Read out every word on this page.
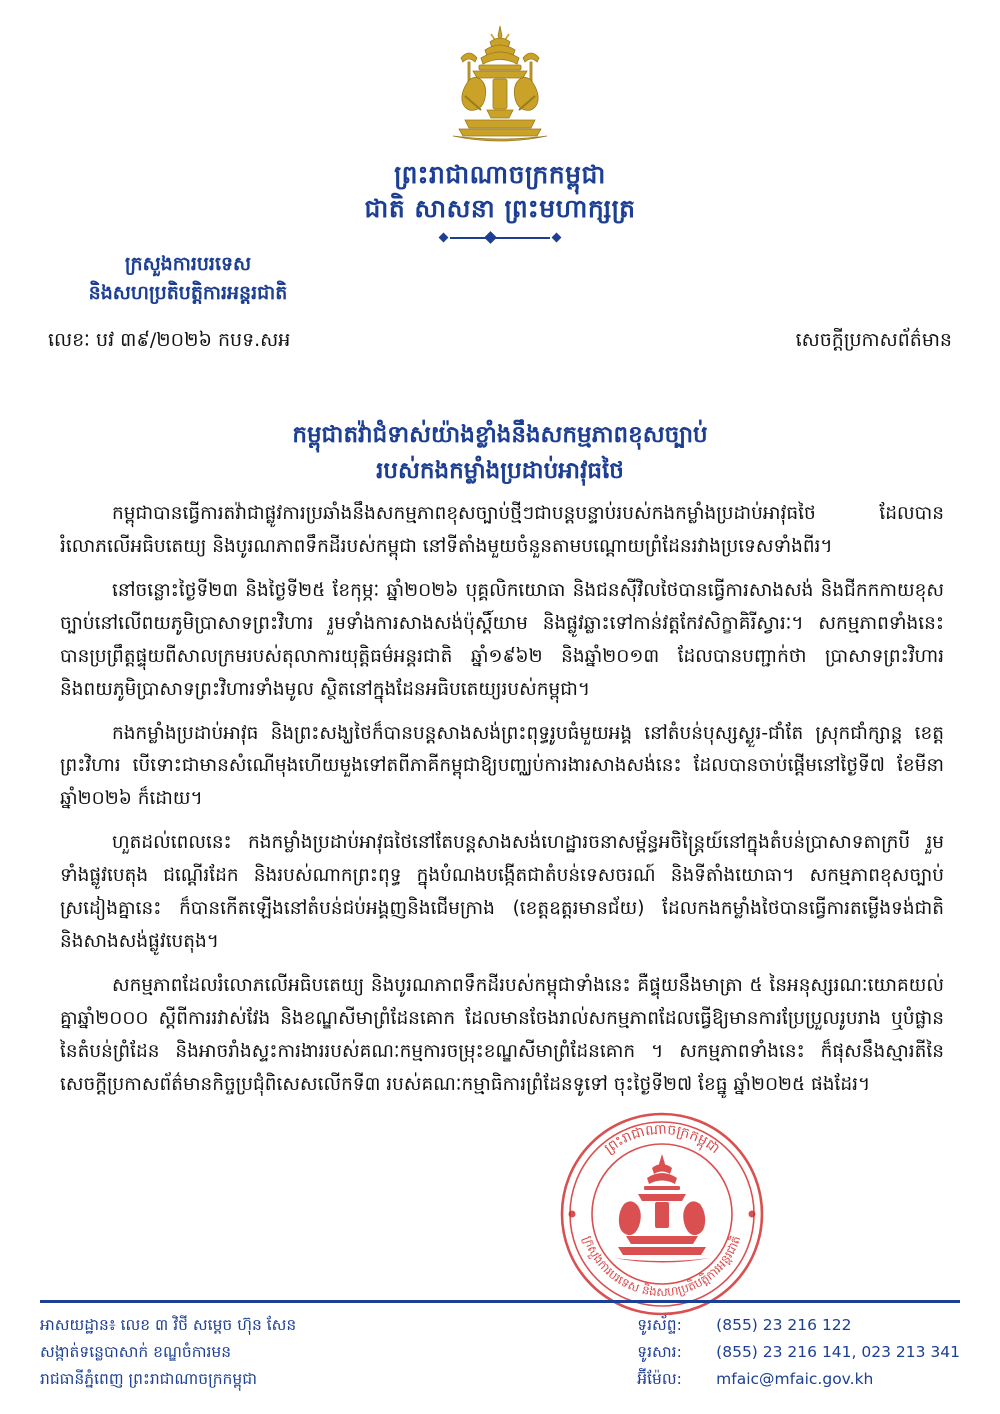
ព្រះរាជាណាចក្រកម្ពុជា
ជាតិ សាសនា ព្រះមហាក្សត្រ
ក្រសួងការបរទេស
និងសហប្រតិបត្តិការអន្តរជាតិ
លេខៈ បវ ៣៩/២០២៦ កបទ.សអ	សេចក្តីប្រកាសព័ត៌មាន
កម្ពុជាតវ៉ាជំទាស់យ៉ាងខ្លាំងនឹងសកម្មភាពខុសច្បាប់
របស់កងកម្លាំងប្រដាប់អាវុធថៃ

កម្ពុជាបានធ្វើការតវ៉ាជាផ្លូវការប្រឆាំងនឹងសកម្មភាពខុសច្បាប់ថ្មីៗជាបន្តបន្ទាប់របស់កងកម្លាំងប្រដាប់អាវុធថៃ ដែលបានរំលោភលើអធិបតេយ្យ និងបូរណភាពទឹកដីរបស់កម្ពុជា នៅទីតាំងមួយចំនួនតាមបណ្ដោយព្រំដែនរវាងប្រទេសទាំងពីរ។

នៅចន្លោះថ្ងៃទី២៣ និងថ្ងៃទី២៥ ខែកុម្ភៈ ឆ្នាំ២០២៦ បុគ្គលិកយោធា និងជនស៊ីវិលថៃបានធ្វើការសាងសង់ និងជីកកកាយខុសច្បាប់នៅលើពយភូមិប្រាសាទព្រះវិហារ រួមទាំងការសាងសង់ប៉ុស្តិ៍យាម និងផ្លូវឆ្លាះទៅកាន់វត្តកែវសិក្ខាគិរីស្វារៈ។ សកម្មភាពទាំងនេះបានប្រព្រឹត្តផ្ទុយពីសាលក្រមរបស់តុលាការយុត្តិធម៌អន្តរជាតិ ឆ្នាំ១៩៦២ និងឆ្នាំ២០១៣ ដែលបានបញ្ជាក់ថា ប្រាសាទព្រះវិហារ និងពយភូមិប្រាសាទព្រះវិហារទាំងមូល ស្ថិតនៅក្នុងដែនអធិបតេយ្យរបស់កម្ពុជា។

កងកម្លាំងប្រដាប់អាវុធ និងព្រះសង្ឃថៃក៏បានបន្តសាងសង់ព្រះពុទ្ធរូបធំមួយអង្គ នៅតំបន់បុស្សស្ងួរ-ជាំតែ ស្រុកជាំក្សាន្ត ខេត្តព្រះវិហារ បើទោះជាមានសំណើមុងហើយមួងទៅតពីភាគីកម្ពុជាឱ្យបញ្ឈប់ការងារសាងសង់នេះ ដែលបានចាប់ផ្ដើមនៅថ្ងៃទី៧ ខែមីនា ឆ្នាំ២០២៦ ក៏ដោយ។

ហួតដល់ពេលនេះ កងកម្លាំងប្រដាប់អាវុធថៃនៅតែបន្តសាងសង់ហេដ្ឋារចនាសម្ព័ន្ធអចិន្ត្រៃយ៍នៅក្នុងតំបន់ប្រាសាទតាក្របី រួមទាំងផ្លូវបេតុង ជណ្ដើរដែក និងរបស់ណាកព្រះពុទ្ធ ក្នុងបំណងបង្កើតជាតំបន់ទេសចរណ៍ និងទីតាំងយោធា។ សកម្មភាពខុសច្បាប់ស្រដៀងគ្នានេះ ក៏បានកើតឡើងនៅតំបន់ជប់អង្គញនិងជើមក្រាង (ខេត្តឧត្តរមានជ័យ) ដែលកងកម្លាំងថៃបានធ្វើការតម្លើងទង់ជាតិ និងសាងសង់ផ្លូវបេតុង។

សកម្មភាពដែលរំលោភលើអធិបតេយ្យ និងបូរណភាពទឹកដីរបស់កម្ពុជាទាំងនេះ គឺផ្ទុយនឹងមាត្រា ៥ នៃអនុស្សរណៈយោគយល់គ្នាឆ្នាំ២០០០ ស្ដីពីការរវាស់វែង និងខណ្ឌសីមាព្រំដែនគោក ដែលមានចែងរាល់សកម្មភាពដែលធ្វើឱ្យមានការប្រែប្រួលរូបរាង ឬបំផ្លាននៃតំបន់ព្រំដែន និងអាចរាំងស្ទះការងាររបស់គណៈកម្មការចម្រុះខណ្ឌសីមាព្រំដែនគោក ។ សកម្មភាពទាំងនេះ ក៏ផុសនឹងស្មារតីនៃសេចក្ដីប្រកាសព័ត៌មានកិច្ចប្រជុំពិសេសលើកទី៣ របស់គណៈកម្មាធិការព្រំដែនទូទៅ ចុះថ្ងៃទី២៧ ខែធ្នូ ឆ្នាំ២០២៥ ផងដែរ។

ព្រះរាជាណាចក្រកម្ពុជា
ក្រសួងការបរទេស និងសហប្រតិបត្តិការអន្តរជាតិ
អាសយដ្ឋាន៖ លេខ ៣ វិថី សម្តេច ហ៊ុន សែន
សង្កាត់ទន្លេបាសាក់ ខណ្ឌចំការមន
រាជធានីភ្នំពេញ ព្រះរាជាណាចក្រកម្ពុជា
ទូរស័ព្ទ: (855) 23 216 122
ទូរសារ: (855) 23 216 141, 023 213 341
អ៊ីម៉ែល: mfaic@mfaic.gov.kh
